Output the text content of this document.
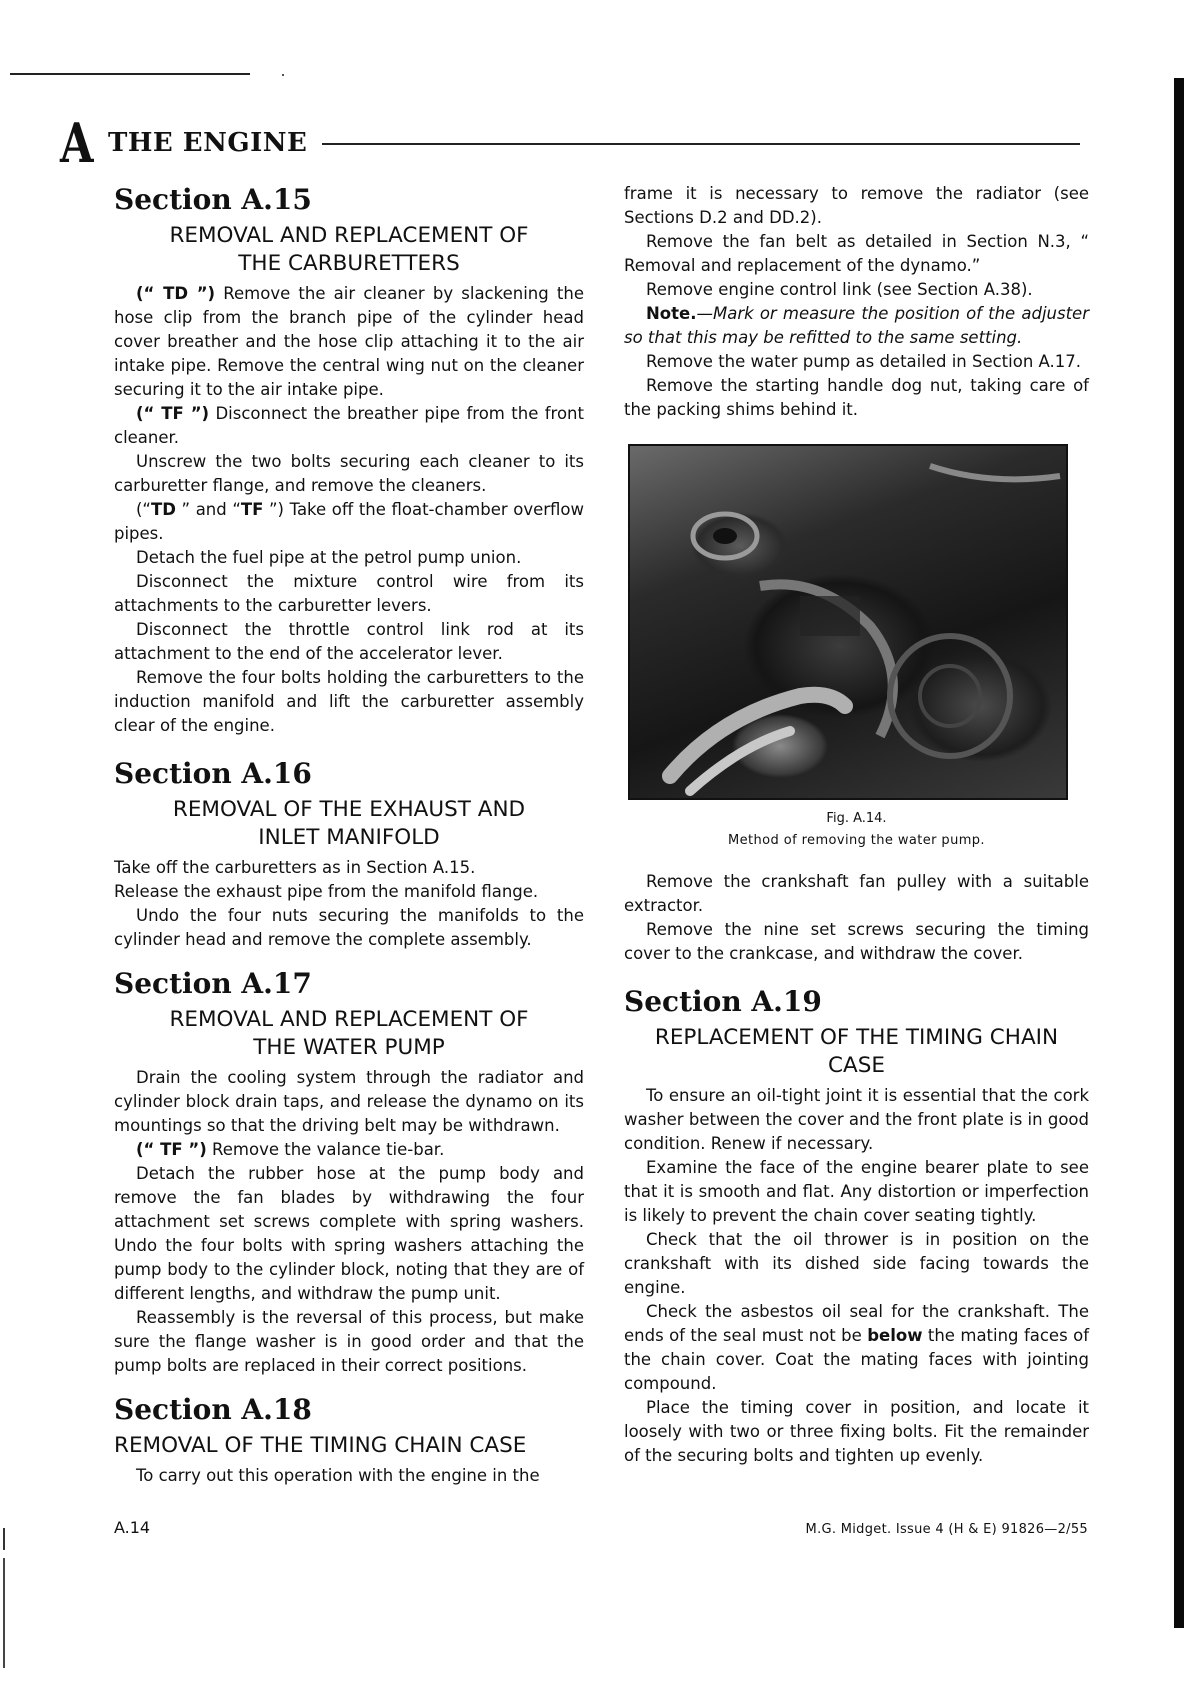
A THE ENGINE
Section A.15
REMOVAL AND REPLACEMENT OF
THE CARBURETTERS

(“ TD ”) Remove the air cleaner by slackening the hose clip from the branch pipe of the cylinder head cover breather and the hose clip attaching it to the air intake pipe. Remove the central wing nut on the cleaner securing it to the air intake pipe.

(“ TF ”) Disconnect the breather pipe from the front cleaner.

Unscrew the two bolts securing each cleaner to its carburetter flange, and remove the cleaners.

(“TD ” and “TF ”) Take off the float-chamber overflow pipes.

Detach the fuel pipe at the petrol pump union.

Disconnect the mixture control wire from its attachments to the carburetter levers.

Disconnect the throttle control link rod at its attachment to the end of the accelerator lever.

Remove the four bolts holding the carburetters to the induction manifold and lift the carburetter assembly clear of the engine.

Section A.16
REMOVAL OF THE EXHAUST AND
INLET MANIFOLD

Take off the carburetters as in Section A.15.

Release the exhaust pipe from the manifold flange.

Undo the four nuts securing the manifolds to the cylinder head and remove the complete assembly.

Section A.17
REMOVAL AND REPLACEMENT OF
THE WATER PUMP

Drain the cooling system through the radiator and cylinder block drain taps, and release the dynamo on its mountings so that the driving belt may be withdrawn.

(“ TF ”) Remove the valance tie-bar.

Detach the rubber hose at the pump body and remove the fan blades by withdrawing the four attachment set screws complete with spring washers. Undo the four bolts with spring washers attaching the pump body to the cylinder block, noting that they are of different lengths, and withdraw the pump unit.

Reassembly is the reversal of this process, but make sure the flange washer is in good order and that the pump bolts are replaced in their correct positions.

Section A.18
REMOVAL OF THE TIMING CHAIN CASE

To carry out this operation with the engine in the

frame it is necessary to remove the radiator (see Sections D.2 and DD.2).

Remove the fan belt as detailed in Section N.3, “ Removal and replacement of the dynamo.”

Remove engine control link (see Section A.38).

Note.—Mark or measure the position of the adjuster so that this may be refitted to the same setting.

Remove the water pump as detailed in Section A.17.

Remove the starting handle dog nut, taking care of the packing shims behind it.

Fig. A.14.
Method of removing the water pump.

Remove the crankshaft fan pulley with a suitable extractor.

Remove the nine set screws securing the timing cover to the crankcase, and withdraw the cover.

Section A.19
REPLACEMENT OF THE TIMING CHAIN
CASE

To ensure an oil-tight joint it is essential that the cork washer between the cover and the front plate is in good condition. Renew if necessary.

Examine the face of the engine bearer plate to see that it is smooth and flat. Any distortion or imperfection is likely to prevent the chain cover seating tightly.

Check that the oil thrower is in position on the crankshaft with its dished side facing towards the engine.

Check the asbestos oil seal for the crankshaft. The ends of the seal must not be below the mating faces of the chain cover. Coat the mating faces with jointing compound.

Place the timing cover in position, and locate it loosely with two or three fixing bolts. Fit the remainder of the securing bolts and tighten up evenly.

A.14	M.G. Midget. Issue 4 (H & E) 91826—2/55
